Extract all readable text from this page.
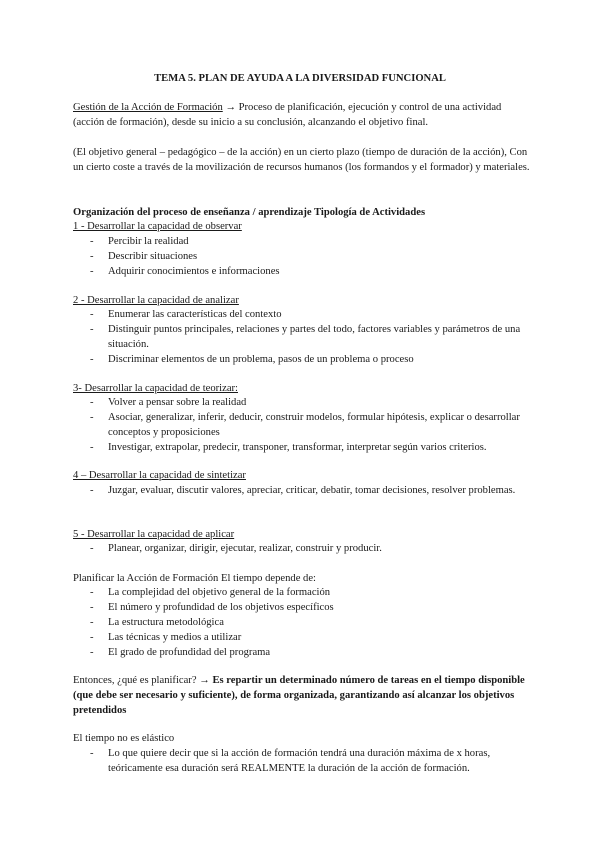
TEMA 5. PLAN DE AYUDA A LA DIVERSIDAD FUNCIONAL

Gestión de la Acción de Formación → Proceso de planificación, ejecución y control de una actividad (acción de formación), desde su inicio a su conclusión, alcanzando el objetivo final.

(El objetivo general – pedagógico – de la acción) en un cierto plazo (tiempo de duración de la acción), Con un cierto coste a través de la movilización de recursos humanos (los formandos y el formador) y materiales.

Organización del proceso de enseñanza / aprendizaje Tipología de Actividades

1 - Desarrollar la capacidad de observar

- Percibir la realidad
- Describir situaciones
- Adquirir conocimientos e informaciones

2 - Desarrollar la capacidad de analizar

- Enumerar las características del contexto
- Distinguir puntos principales, relaciones y partes del todo, factores variables y parámetros de una situación.
- Discriminar elementos de un problema, pasos de un problema o proceso

3- Desarrollar la capacidad de teorizar:

- Volver a pensar sobre la realidad
- Asociar, generalizar, inferir, deducir, construir modelos, formular hipótesis, explicar o desarrollar conceptos y proposiciones
- Investigar, extrapolar, predecir, transponer, transformar, interpretar según varios criterios.

4 – Desarrollar la capacidad de sintetizar

- Juzgar, evaluar, discutir valores, apreciar, criticar, debatir, tomar decisiones, resolver problemas.

5 - Desarrollar la capacidad de aplicar

- Planear, organizar, dirigir, ejecutar, realizar, construir y producir.

Planificar la Acción de Formación El tiempo depende de:

- La complejidad del objetivo general de la formación
- El número y profundidad de los objetivos específicos
- La estructura metodológica
- Las técnicas y medios a utilizar
- El grado de profundidad del programa

Entonces, ¿qué es planificar? → Es repartir un determinado número de tareas en el tiempo disponible (que debe ser necesario y suficiente), de forma organizada, garantizando así alcanzar los objetivos pretendidos

El tiempo no es elástico

- Lo que quiere decir que si la acción de formación tendrá una duración máxima de x horas, teóricamente esa duración será REALMENTE la duración de la acción de formación.
